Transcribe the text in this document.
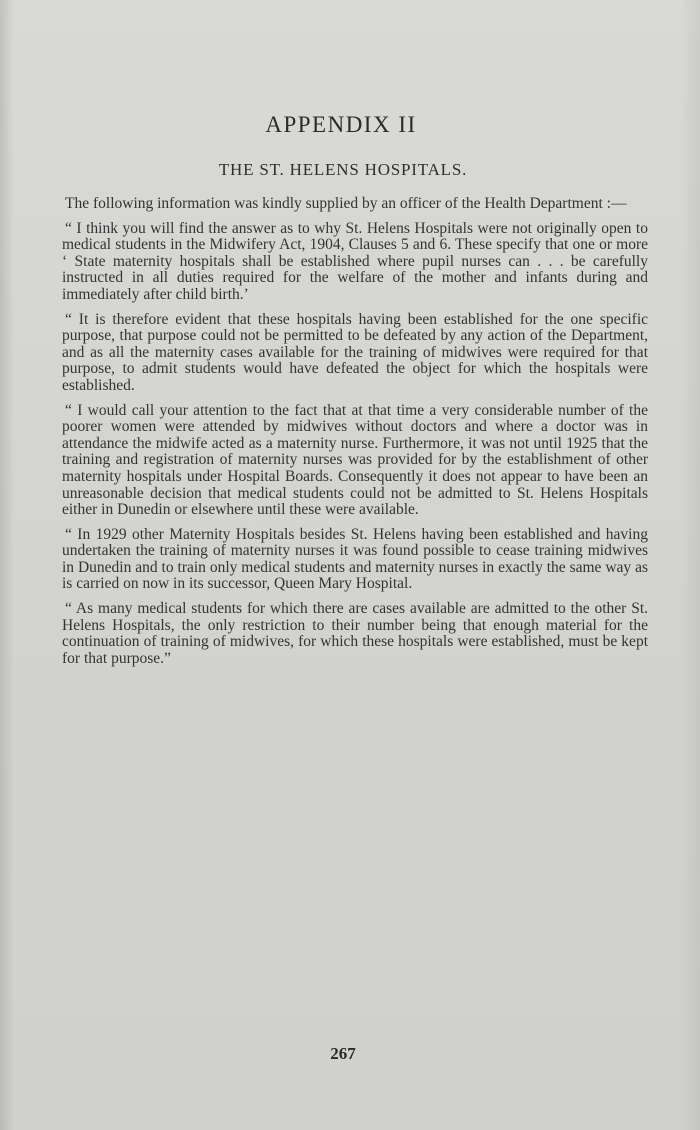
APPENDIX II
THE ST. HELENS HOSPITALS.

The following information was kindly supplied by an officer of the Health Department :—

“ I think you will find the answer as to why St. Helens Hospitals were not originally open to medical students in the Midwifery Act, 1904, Clauses 5 and 6. These specify that one or more ‘ State maternity hospitals shall be established where pupil nurses can . . . be carefully instructed in all duties required for the welfare of the mother and infants during and immediately after child birth.’

“ It is therefore evident that these hospitals having been established for the one specific purpose, that purpose could not be permitted to be defeated by any action of the Department, and as all the maternity cases available for the training of midwives were required for that purpose, to admit students would have defeated the object for which the hospitals were established.

“ I would call your attention to the fact that at that time a very considerable number of the poorer women were attended by midwives without doctors and where a doctor was in attendance the midwife acted as a maternity nurse. Furthermore, it was not until 1925 that the training and registration of maternity nurses was provided for by the establishment of other maternity hospitals under Hospital Boards. Consequently it does not appear to have been an unreasonable decision that medical students could not be admitted to St. Helens Hospitals either in Dunedin or elsewhere until these were available.

“ In 1929 other Maternity Hospitals besides St. Helens having been established and having undertaken the training of maternity nurses it was found possible to cease training midwives in Dunedin and to train only medical students and maternity nurses in exactly the same way as is carried on now in its successor, Queen Mary Hospital.

“ As many medical students for which there are cases available are admitted to the other St. Helens Hospitals, the only restriction to their number being that enough material for the continuation of training of midwives, for which these hospitals were established, must be kept for that purpose.”

267
